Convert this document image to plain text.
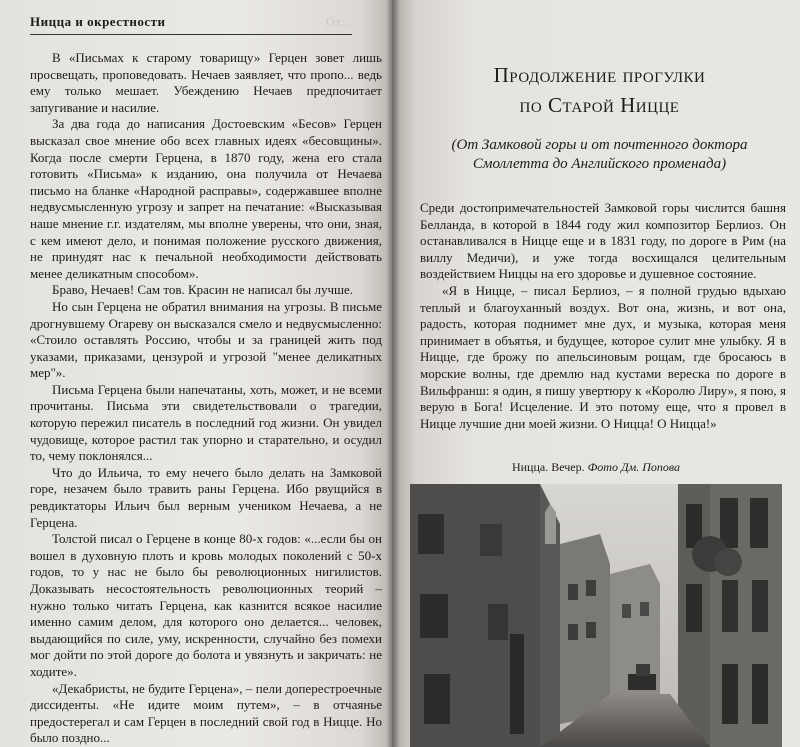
Ницца и окрестности	От...

В «Письмах к старому товарищу» Герцен зовет лишь просвещать, проповедовать. Нечаев заявляет, что пропо... ведь ему только мешает. Убеждению Нечаев предпочитает запугивание и насилие.

За два года до написания Достоевским «Бесов» Герцен высказал свое мнение обо всех главных идеях «бесовщины». Когда после смерти Герцена, в 1870 году, жена его стала готовить «Письма» к изданию, она получила от Нечаева письмо на бланке «Народной расправы», содержавшее вполне недвусмысленную угрозу и запрет на печатание: «Высказывая наше мнение г.г. издателям, мы вполне уверены, что они, зная, с кем имеют дело, и понимая положение русского движения, не принудят нас к печальной необходимости действовать менее деликатным способом».

Браво, Нечаев! Сам тов. Красин не написал бы лучше.

Но сын Герцена не обратил внимания на угрозы. В письме дрогнувшему Огареву он высказался смело и недвусмысленно: «Стоило оставлять Россию, чтобы и за границей жить под указами, приказами, цензурой и угрозой "менее деликатных мер"».

Письма Герцена были напечатаны, хоть, может, и не всеми прочитаны. Письма эти свидетельствовали о трагедии, которую пережил писатель в последний год жизни. Он увидел чудовище, которое растил так упорно и старательно, и осудил то, чему поклонялся...

Что до Ильича, то ему нечего было делать на Замковой горе, незачем было травить раны Герцена. Ибо рвущийся в ревдиктаторы Ильич был верным учеником Нечаева, а не Герцена.

Толстой писал о Герцене в конце 80-х годов: «...если бы он вошел в духовную плоть и кровь молодых поколений с 50-х годов, то у нас не было бы революционных нигилистов. Доказывать несостоятельность революционных теорий – нужно только читать Герцена, как казнится всякое насилие именно самим делом, для которого оно делается... человек, выдающийся по силе, уму, искренности, случайно без помехи мог дойти по этой дороге до болота и увязнуть и закричать: не ходите».

«Декабристы, не будите Герцена», – пели доперестроечные диссиденты. «Не идите моим путем», – в отчаянье предостерегал и сам Герцен в последний свой год в Ницце. Но было поздно...

Продолжение прогулки
по Старой Ницце
(От Замковой горы и от почтенного доктора Смоллетта до Английского променада)

Среди достопримечательностей Замковой горы числится башня Белланда, в которой в 1844 году жил композитор Берлиоз. Он останавливался в Ницце еще и в 1831 году, по дороге в Рим (на виллу Медичи), и уже тогда восхищался целительным воздействием Ниццы на его здоровье и душевное состояние.

«Я в Ницце, – писал Берлиоз, – я полной грудью вдыхаю теплый и благоуханный воздух. Вот она, жизнь, и вот она, радость, которая поднимет мне дух, и музыка, которая меня принимает в объятья, и будущее, которое сулит мне улыбку. Я в Ницце, где брожу по апельсиновым рощам, где бросаюсь в морские волны, где дремлю над кустами вереска по дороге в Вильфранш: я один, я пишу увертюру к «Королю Лиру», я пою, я верую в Бога! Исцеление. И это потому еще, что я провел в Ницце лучшие дни моей жизни. О Ницца! О Ницца!»

Ницца. Вечер. Фото Дм. Попова
